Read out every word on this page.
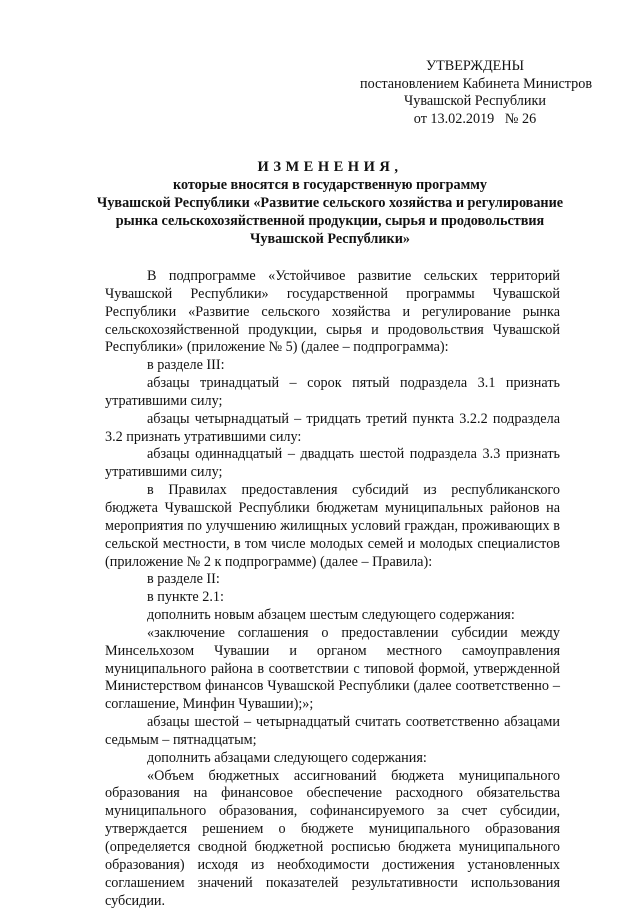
УТВЕРЖДЕНЫ
постановлением Кабинета Министров
Чувашской Республики
от 13.02.2019   № 26
ИЗМЕНЕНИЯ,
которые вносятся в государственную программу
Чувашской Республики «Развитие сельского хозяйства и регулирование
рынка сельскохозяйственной продукции, сырья и продовольствия
Чувашской Республики»

В подпрограмме «Устойчивое развитие сельских территорий Чувашской Республики» государственной программы Чувашской Республики «Развитие сельского хозяйства и регулирование рынка сельскохозяйственной продукции, сырья и продовольствия Чувашской Республики» (приложение № 5) (далее – подпрограмма):

в разделе III:

абзацы тринадцатый – сорок пятый подраздела 3.1 признать утратившими силу;

абзацы четырнадцатый – тридцать третий пункта 3.2.2 подраздела 3.2 признать утратившими силу:

абзацы одиннадцатый – двадцать шестой подраздела 3.3 признать утратившими силу;

в Правилах предоставления субсидий из республиканского бюджета Чувашской Республики бюджетам муниципальных районов на мероприятия по улучшению жилищных условий граждан, проживающих в сельской местности, в том числе молодых семей и молодых специалистов (приложение № 2 к подпрограмме) (далее – Правила):

в разделе II:

в пункте 2.1:

дополнить новым абзацем шестым следующего содержания:

«заключение соглашения о предоставлении субсидии между Минсельхозом Чувашии и органом местного самоуправления муниципального района в соответствии с типовой формой, утвержденной Министерством финансов Чувашской Республики (далее соответственно – соглашение, Минфин Чувашии);»;

абзацы шестой – четырнадцатый считать соответственно абзацами седьмым – пятнадцатым;

дополнить абзацами следующего содержания:

«Объем бюджетных ассигнований бюджета муниципального образования на финансовое обеспечение расходного обязательства муниципального образования, софинансируемого за счет субсидии, утверждается решением о бюджете муниципального образования (определяется сводной бюджетной росписью бюджета муниципального образования) исходя из необходимости достижения установленных соглашением значений показателей результативности использования субсидии.
